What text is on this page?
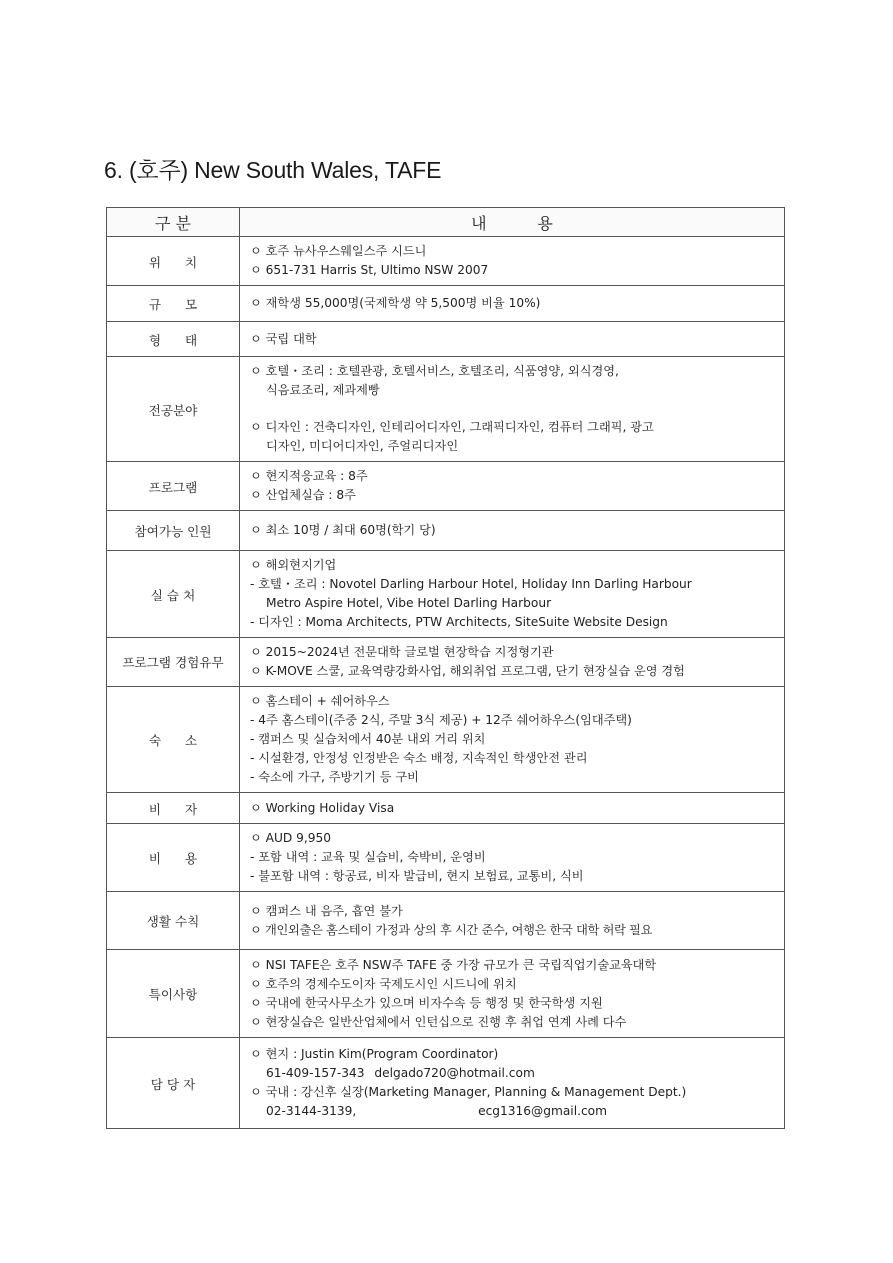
6. (호주) New South Wales, TAFE
구 분	내          용
위      치	ㅇ 호주 뉴사우스웨일스주 시드니
ㅇ 651-731 Harris St, Ultimo NSW 2007

규      모	ㅇ 재학생 55,000명(국제학생 약 5,500명 비율 10%)

형      태	ㅇ 국립 대학

전공분야	ㅇ 호텔・조리 : 호텔관광, 호텔서비스, 호텔조리, 식품영양, 외식경영,
식음료조리, 제과제빵
ㅇ 디자인 : 건축디자인, 인테리어디자인, 그래픽디자인, 컴퓨터 그래픽, 광고
디자인, 미디어디자인, 주얼리디자인

프로그램	ㅇ 현지적응교육 : 8주
ㅇ 산업체실습 : 8주

참여가능 인원	ㅇ 최소 10명 / 최대 60명(학기 당)

실 습 처	ㅇ 해외현지기업
- 호텔・조리 : Novotel Darling Harbour Hotel, Holiday Inn Darling Harbour
Metro Aspire Hotel, Vibe Hotel Darling Harbour
- 디자인 : Moma Architects, PTW Architects, SiteSuite Website Design

프로그램 경험유무	ㅇ 2015~2024년 전문대학 글로벌 현장학습 지정형기관
ㅇ K-MOVE 스쿨, 교육역량강화사업, 해외취업 프로그램, 단기 현장실습 운영 경험

숙      소	ㅇ 홈스테이 + 쉐어하우스
- 4주 홈스테이(주중 2식, 주말 3식 제공) + 12주 쉐어하우스(임대주택)
- 캠퍼스 및 실습처에서 40분 내외 거리 위치
- 시설환경, 안정성 인정받은 숙소 배정, 지속적인 학생안전 관리
- 숙소에 가구, 주방기기 등 구비

비      자	ㅇ Working Holiday Visa

비      용	ㅇ AUD 9,950
- 포함 내역 : 교육 및 실습비, 숙박비, 운영비
- 불포함 내역 : 항공료, 비자 발급비, 현지 보험료, 교통비, 식비

생활 수칙	ㅇ 캠퍼스 내 음주, 흡연 불가
ㅇ 개인외출은 홈스테이 가정과 상의 후 시간 준수, 여행은 한국 대학 허락 필요

특이사항	ㅇ NSI TAFE은 호주 NSW주 TAFE 중 가장 규모가 큰 국립직업기술교육대학
ㅇ 호주의 경제수도이자 국제도시인 시드니에 위치
ㅇ 국내에 한국사무소가 있으며 비자수속 등 행정 및 한국학생 지원
ㅇ 현장실습은 일반산업체에서 인턴십으로 진행 후 취업 연계 사례 다수

담 당 자	ㅇ 현지 : Justin Kim(Program Coordinator)
61-409-157-343 delgado720@hotmail.com
ㅇ 국내 : 강신후 실장(Marketing Manager, Planning & Management Dept.)
02-3144-3139, ecg1316@gmail.com
